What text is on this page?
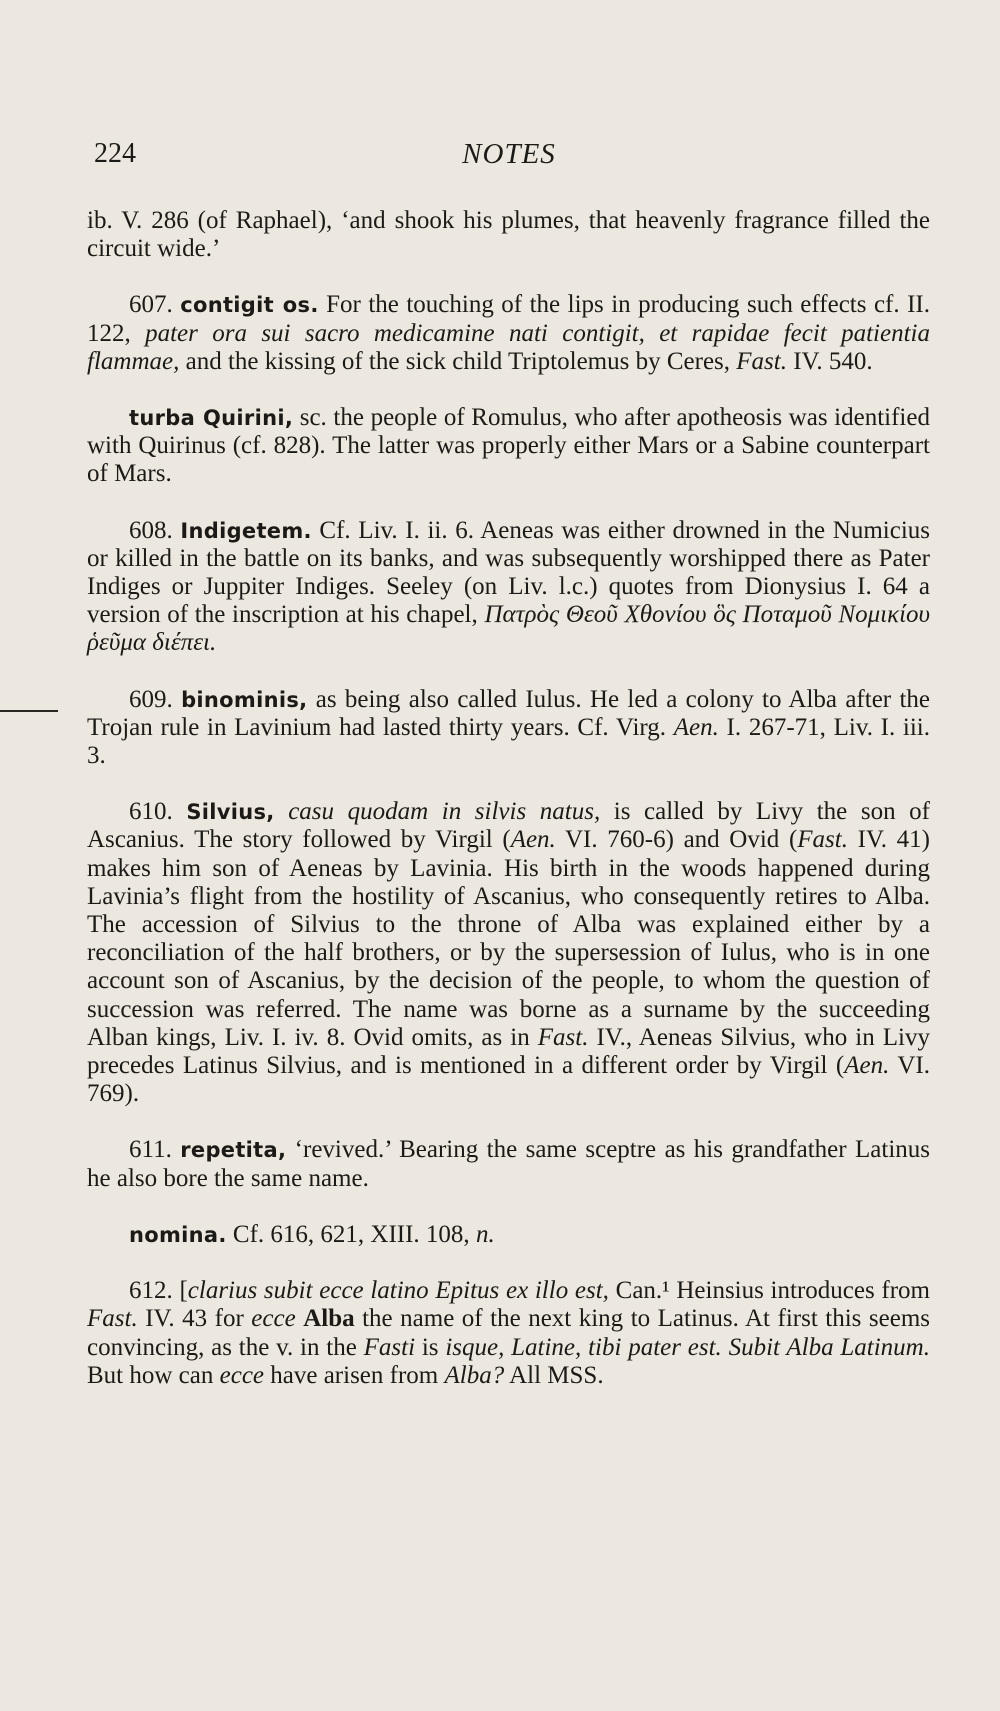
224	NOTES

ib. V. 286 (of Raphael), ‘and shook his plumes, that heavenly fragrance filled the circuit wide.’

607. contigit os. For the touching of the lips in producing such effects cf. II. 122, pater ora sui sacro medicamine nati contigit, et rapidae fecit patientia flammae, and the kissing of the sick child Triptolemus by Ceres, Fast. IV. 540.

turba Quirini, sc. the people of Romulus, who after apotheosis was identified with Quirinus (cf. 828). The latter was properly either Mars or a Sabine counterpart of Mars.

608. Indigetem. Cf. Liv. I. ii. 6. Aeneas was either drowned in the Numicius or killed in the battle on its banks, and was subsequently worshipped there as Pater Indiges or Juppiter Indiges. Seeley (on Liv. l.c.) quotes from Dionysius I. 64 a version of the inscription at his chapel, Πατρὸς Θεοῦ Χθονίου ὃς Ποταμοῦ Νομικίου ῥεῦμα διέπει.

609. binominis, as being also called Iulus. He led a colony to Alba after the Trojan rule in Lavinium had lasted thirty years. Cf. Virg. Aen. I. 267-71, Liv. I. iii. 3.

610. Silvius, casu quodam in silvis natus, is called by Livy the son of Ascanius. The story followed by Virgil (Aen. VI. 760-6) and Ovid (Fast. IV. 41) makes him son of Aeneas by Lavinia. His birth in the woods happened during Lavinia’s flight from the hostility of Ascanius, who consequently retires to Alba. The accession of Silvius to the throne of Alba was explained either by a reconciliation of the half brothers, or by the supersession of Iulus, who is in one account son of Ascanius, by the decision of the people, to whom the question of succession was referred. The name was borne as a surname by the succeeding Alban kings, Liv. I. iv. 8. Ovid omits, as in Fast. IV., Aeneas Silvius, who in Livy precedes Latinus Silvius, and is mentioned in a different order by Virgil (Aen. VI. 769).

611. repetita, ‘revived.’ Bearing the same sceptre as his grandfather Latinus he also bore the same name.

nomina. Cf. 616, 621, XIII. 108, n.

612. [clarius subit ecce latino Epitus ex illo est, Can.¹ Heinsius introduces from Fast. IV. 43 for ecce Alba the name of the next king to Latinus. At first this seems convincing, as the v. in the Fasti is isque, Latine, tibi pater est. Subit Alba Latinum. But how can ecce have arisen from Alba? All MSS.
